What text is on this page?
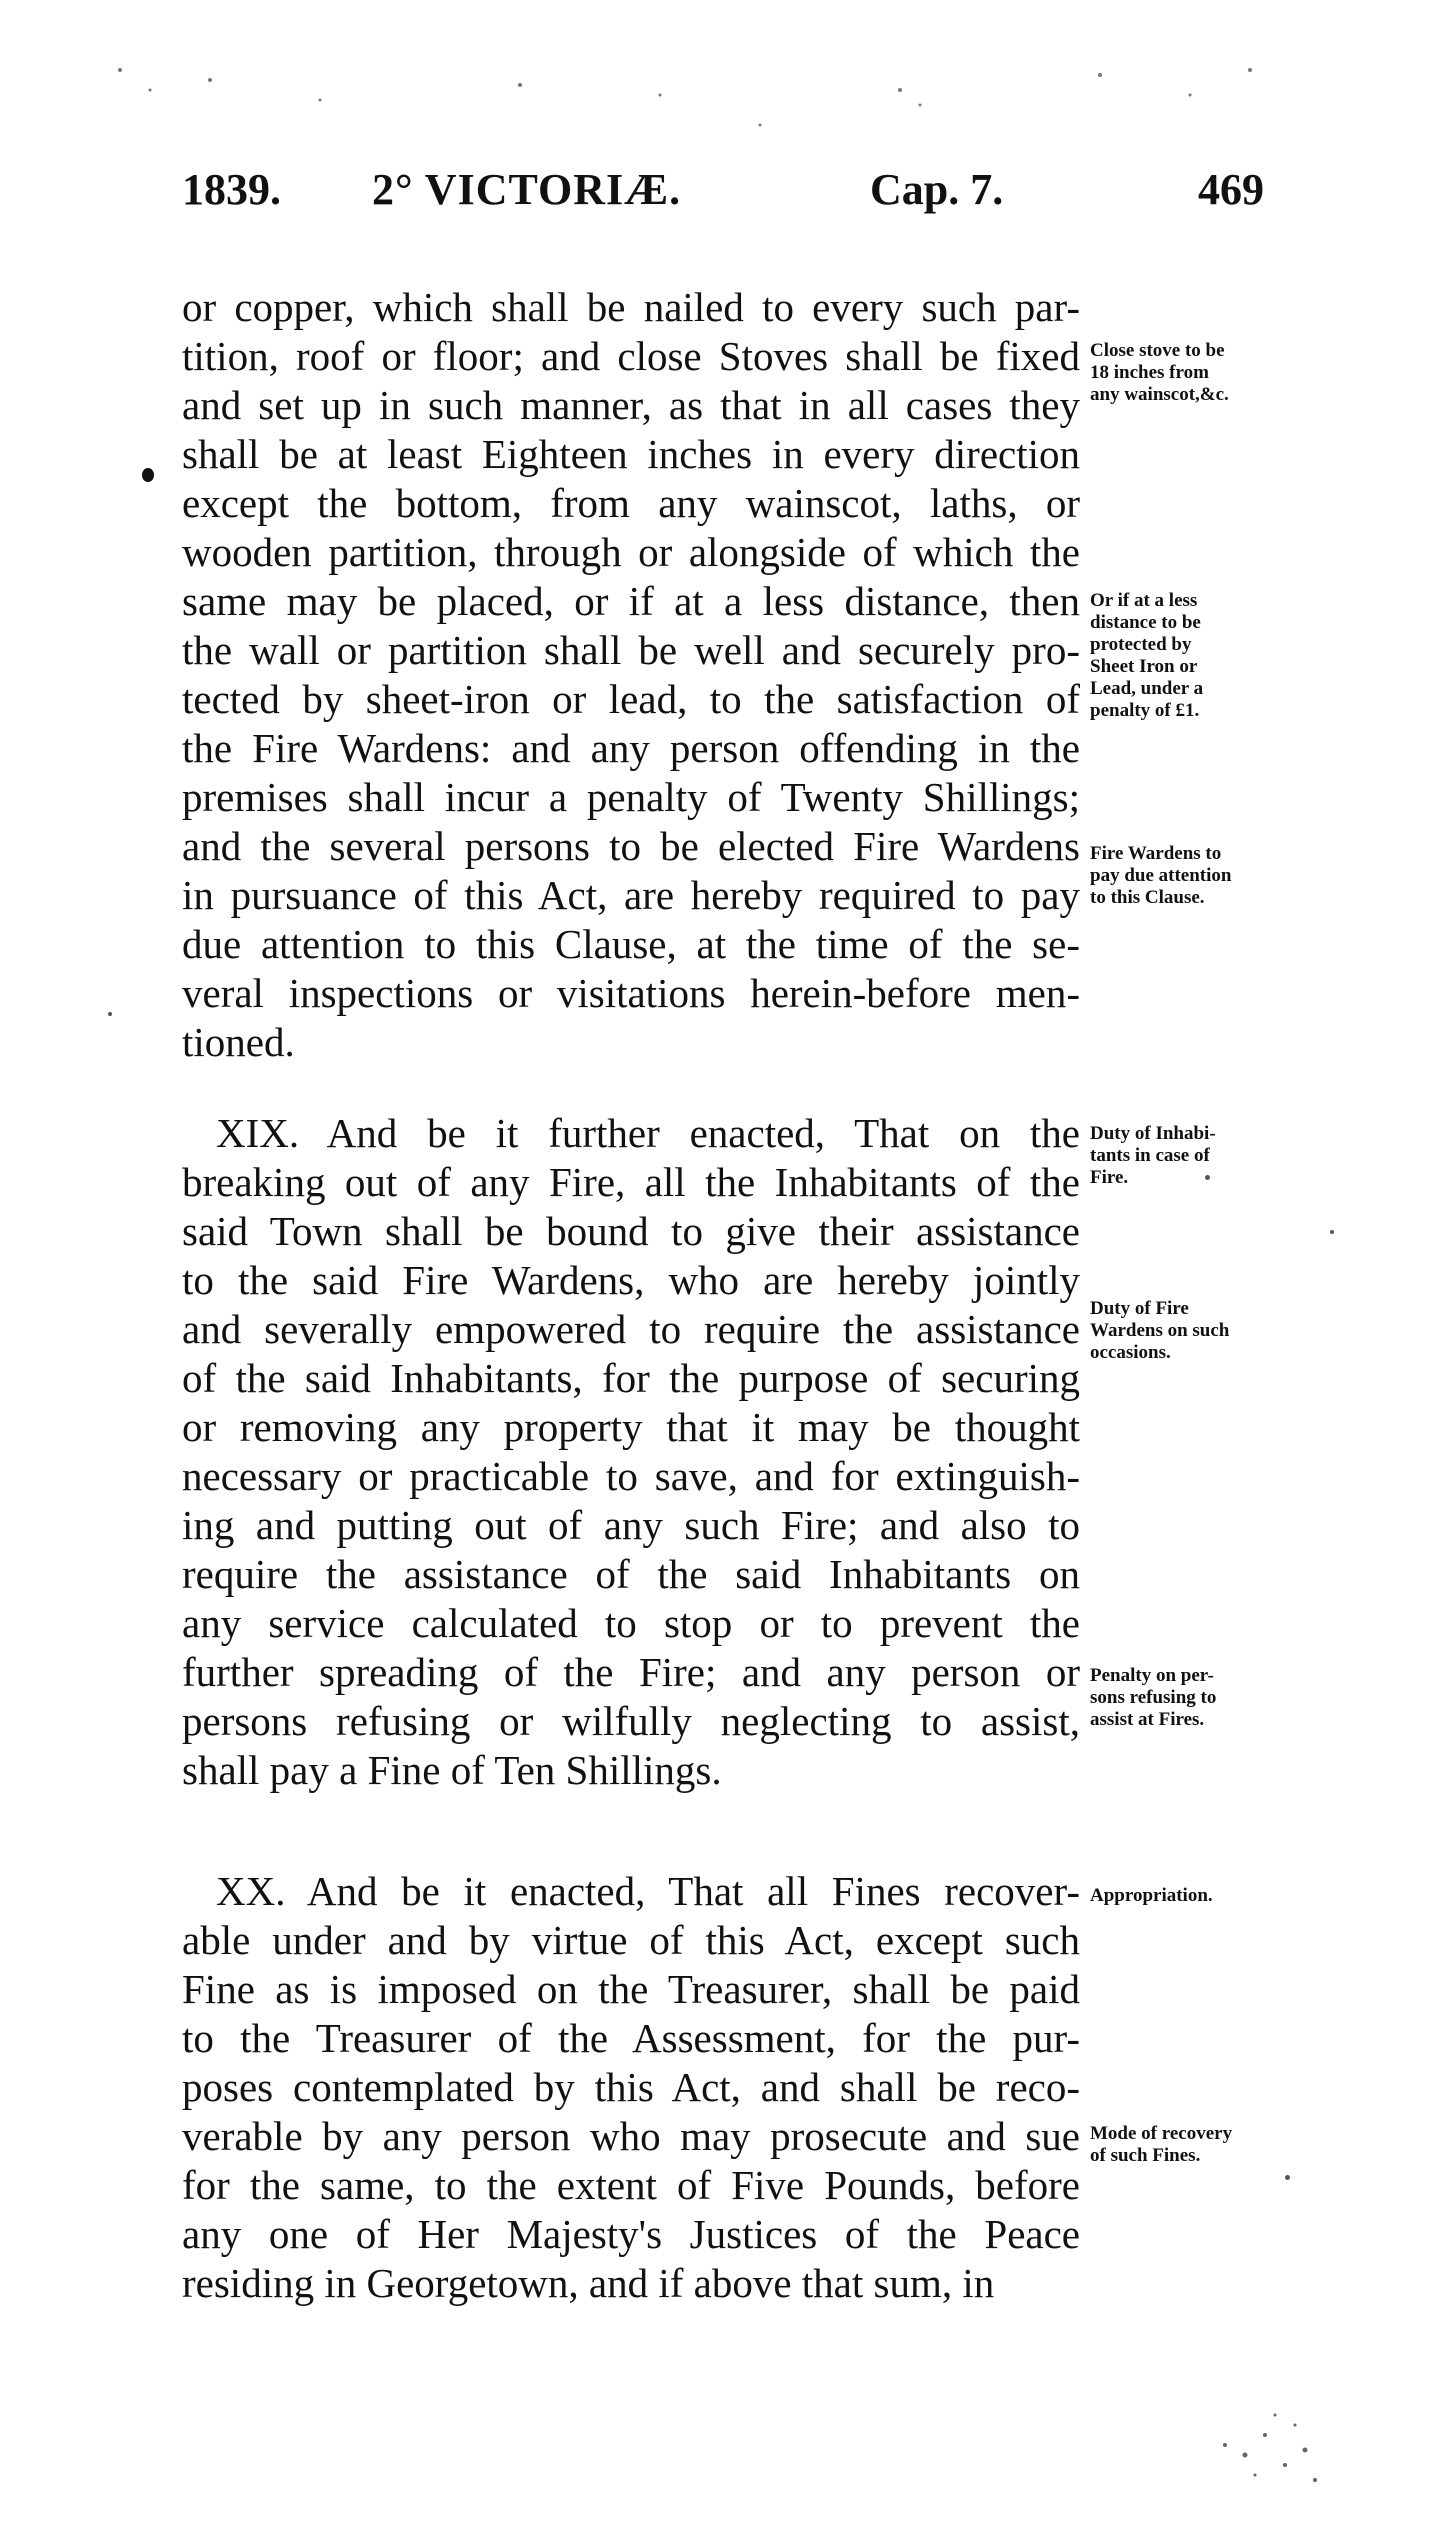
1839. 2° VICTORIÆ.	Cap. 7.	469
or copper, which shall be nailed to every such par-
tition, roof or floor; and close Stoves shall be fixed
and set up in such manner, as that in all cases they
shall be at least Eighteen inches in every direction
except the bottom, from any wainscot, laths, or
wooden partition, through or alongside of which the
same may be placed, or if at a less distance, then
the wall or partition shall be well and securely pro-
tected by sheet-iron or lead, to the satisfaction of
the Fire Wardens: and any person offending in the
premises shall incur a penalty of Twenty Shillings;
and the several persons to be elected Fire Wardens
in pursuance of this Act, are hereby required to pay
due attention to this Clause, at the time of the se-
veral inspections or visitations herein-before men-
tioned.
XIX. And be it further enacted, That on the
breaking out of any Fire, all the Inhabitants of the
said Town shall be bound to give their assistance
to the said Fire Wardens, who are hereby jointly
and severally empowered to require the assistance
of the said Inhabitants, for the purpose of securing
or removing any property that it may be thought
necessary or practicable to save, and for extinguish-
ing and putting out of any such Fire; and also to
require the assistance of the said Inhabitants on
any service calculated to stop or to prevent the
further spreading of the Fire; and any person or
persons refusing or wilfully neglecting to assist,
shall pay a Fine of Ten Shillings.
XX. And be it enacted, That all Fines recover-
able under and by virtue of this Act, except such
Fine as is imposed on the Treasurer, shall be paid
to the Treasurer of the Assessment, for the pur-
poses contemplated by this Act, and shall be reco-
verable by any person who may prosecute and sue
for the same, to the extent of Five Pounds, before
any one of Her Majesty's Justices of the Peace
residing in Georgetown, and if above that sum, in
Close stove to be
18 inches from
any wainscot,&c.
Or if at a less
distance to be
protected by
Sheet Iron or
Lead, under a
penalty of £1.
Fire Wardens to
pay due attention
to this Clause.
Duty of Inhabi-
tants in case of
Fire.
Duty of Fire
Wardens on such
occasions.
Penalty on per-
sons refusing to
assist at Fires.
Appropriation.
Mode of recovery
of such Fines.
